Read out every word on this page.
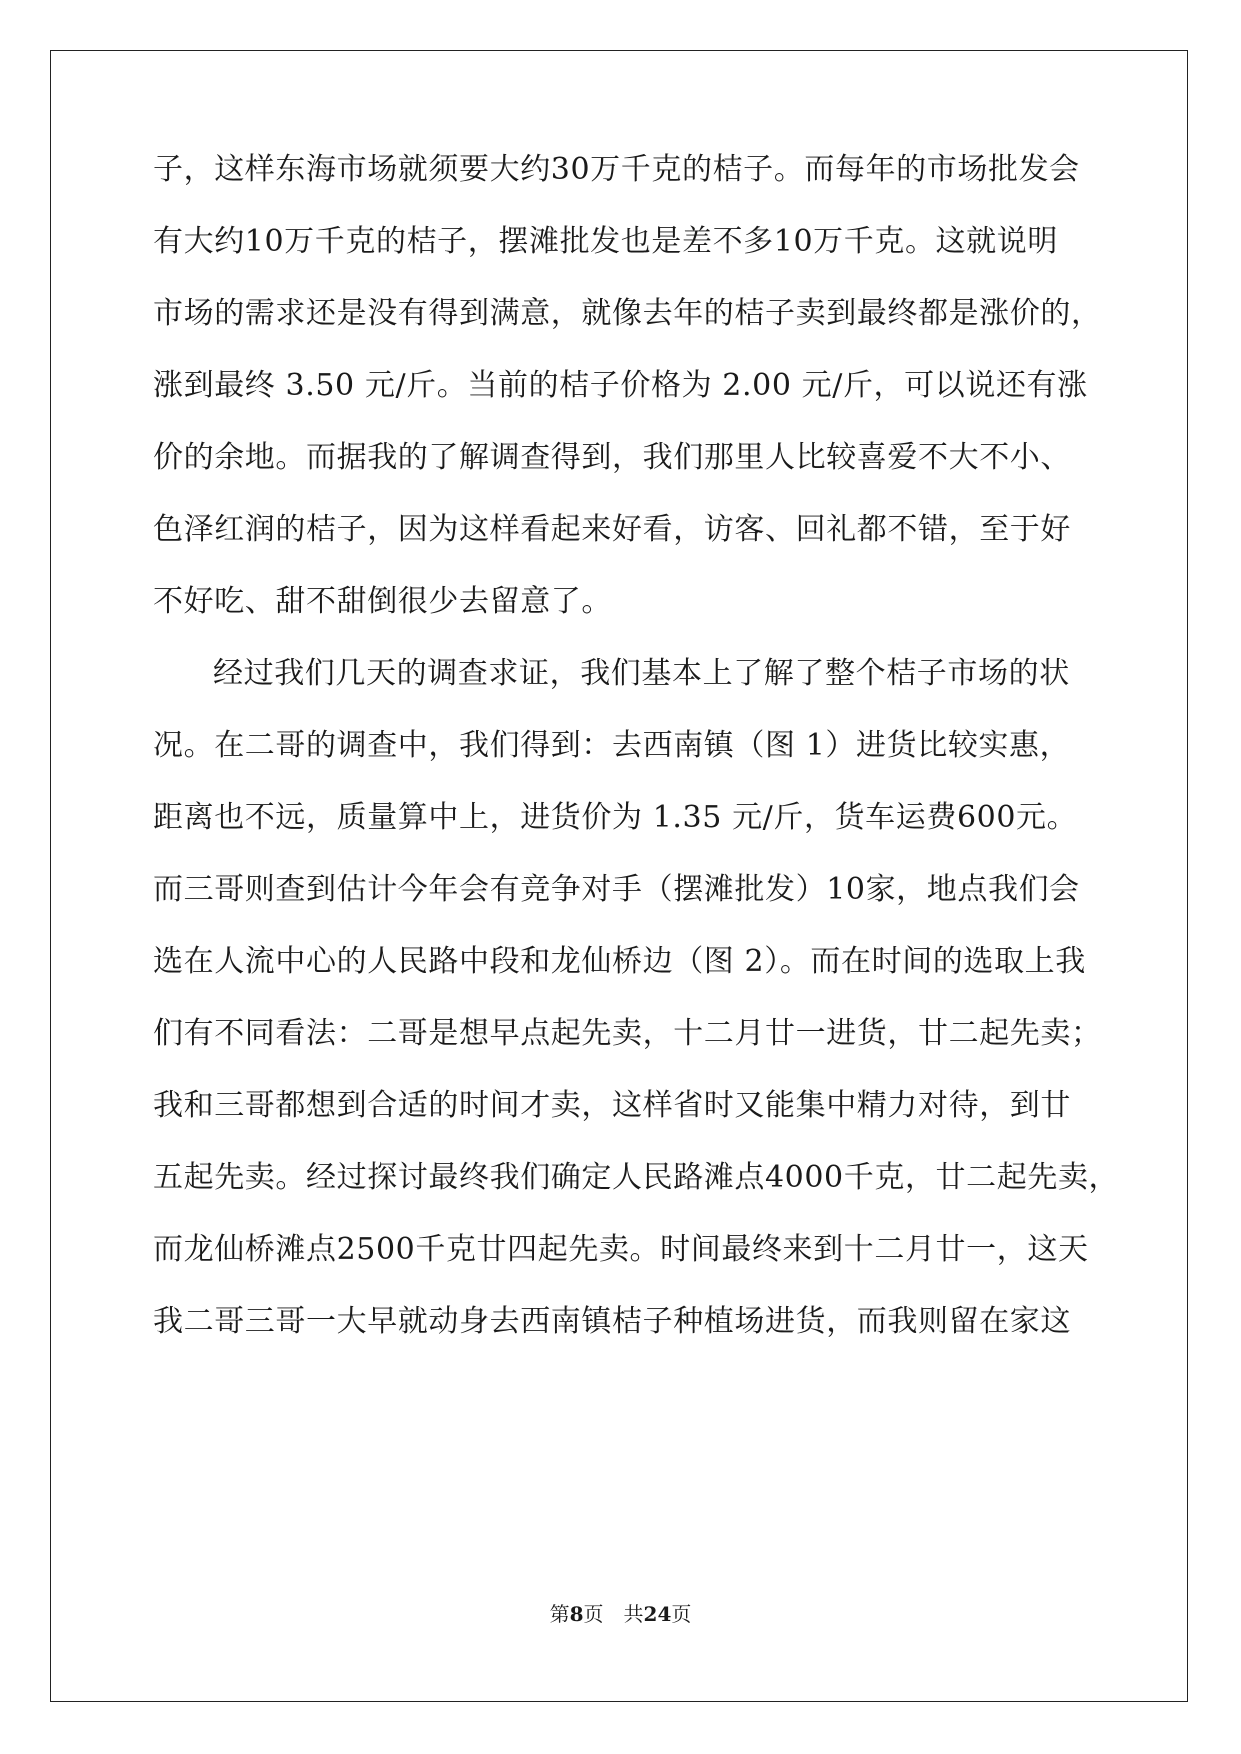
子，这样东海市场就须要大约30万千克的桔子。而每年的市场批发会
有大约10万千克的桔子，摆滩批发也是差不多10万千克。这就说明
市场的需求还是没有得到满意，就像去年的桔子卖到最终都是涨价的，
涨到最终 3.50 元/斤。当前的桔子价格为 2.00 元/斤，可以说还有涨
价的余地。而据我的了解调查得到，我们那里人比较喜爱不大不小、
色泽红润的桔子，因为这样看起来好看，访客、回礼都不错，至于好
不好吃、甜不甜倒很少去留意了。
经过我们几天的调查求证，我们基本上了解了整个桔子市场的状
况。在二哥的调查中，我们得到：去西南镇（图 1）进货比较实惠，
距离也不远，质量算中上，进货价为 1.35 元/斤，货车运费600元。
而三哥则查到估计今年会有竞争对手（摆滩批发）10家，地点我们会
选在人流中心的人民路中段和龙仙桥边（图 2）。而在时间的选取上我
们有不同看法：二哥是想早点起先卖，十二月廿一进货，廿二起先卖；
我和三哥都想到合适的时间才卖，这样省时又能集中精力对待，到廿
五起先卖。经过探讨最终我们确定人民路滩点4000千克，廿二起先卖，
而龙仙桥滩点2500千克廿四起先卖。时间最终来到十二月廿一，这天
我二哥三哥一大早就动身去西南镇桔子种植场进货，而我则留在家这
第8页　共24页
